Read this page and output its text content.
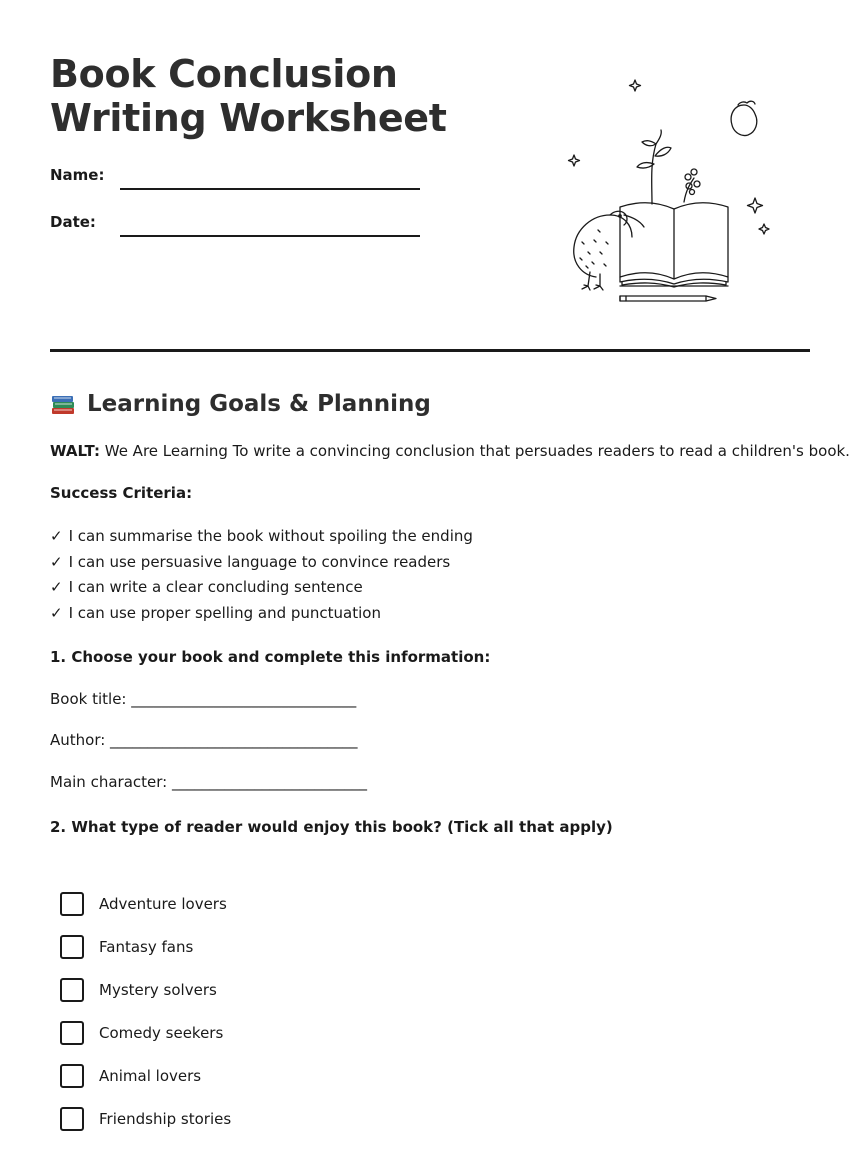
Book Conclusion
Writing Worksheet
Name:
Date:
Learning Goals & Planning
WALT: We Are Learning To write a convincing conclusion that persuades readers to read a children's book.
Success Criteria:
✓ I can summarise the book without spoiling the ending
✓ I can use persuasive language to convince readers
✓ I can write a clear concluding sentence
✓ I can use proper spelling and punctuation
1. Choose your book and complete this information:
Book title: ______________________________
Author: _________________________________
Main character: __________________________
2. What type of reader would enjoy this book? (Tick all that apply)
Adventure lovers
Fantasy fans
Mystery solvers
Comedy seekers
Animal lovers
Friendship stories
